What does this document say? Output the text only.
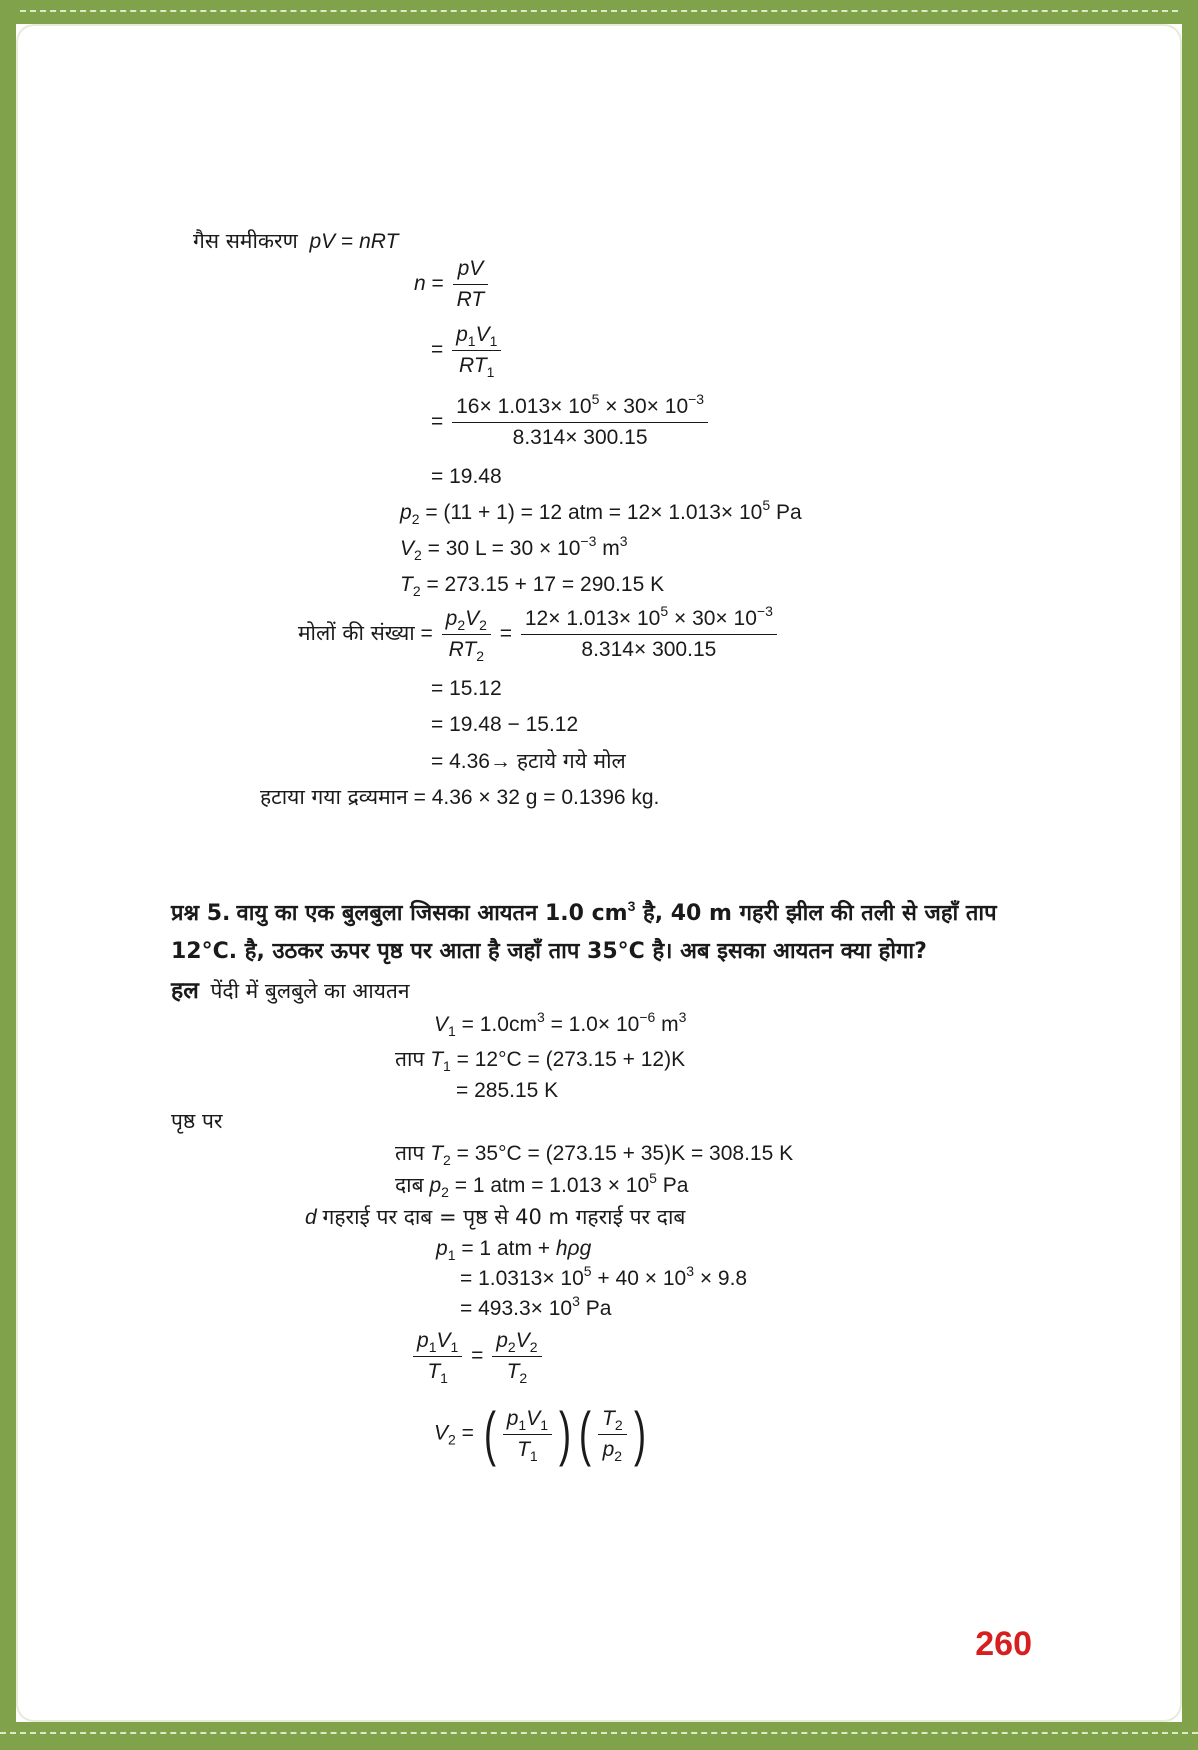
गैस समीकरण pV = nRT
$n = \frac{pV}{RT}$
= $\frac{p_1V_1}{RT_1}$
= $\frac{16\times 1.013\times 10^5 \times 30\times 10^{-3}}{8.314\times 300.15}$
= 19.48
$p_2 = (11 + 1) = 12$ atm = $12\times 1.013\times 10^5$ Pa
$V_2 = 30$ $L = 30 \times 10^{-3}$ $m^3$
$T_2 = 273.15 + 17 = 290.15$ K
मोलों की संख्या = $\frac{p_2V_2}{RT_2} = \frac{12\times 1.013\times 10^5 \times 30\times 10^{-3}}{8.314\times 300.15}$
= 15.12
= 19.48 − 15.12
= 4.36→ हटाये गये मोल
हटाया गया द्रव्यमान = 4.36 × 32 g = 0.1396 kg.
प्रश्न 5. वायु का एक बुलबुला जिसका आयतन 1.0 $cm^3$ है, 40 m गहरी झील की तली से जहाँ ताप
12°C. है, उठकर ऊपर पृष्ठ पर आता है जहाँ ताप 35°C है। अब इसका आयतन क्या होगा?
हल पेंदी में बुलबुले का आयतन
$V_1 = 1.0cm^3 = 1.0\times 10^{-6}$ $m^3$
ताप $T_1 = 12^\circ C = (273.15 + 12)K$
= 285.15 K
पृष्ठ पर
ताप $T_2 = 35^\circ C = (273.15 + 35)K = 308.15$ K
दाब $p_2 = 1$ atm = $1.013 \times 10^5$ Pa
d गहराई पर दाब = पृष्ठ से 40 m गहराई पर दाब
$p_1 = 1$ atm + hρg
= $1.0313\times 10^5 + 40 \times 10^3 \times 9.8$
= $493.3\times 10^3$ Pa
$\frac{p_1V_1}{T_1} = \frac{p_2V_2}{T_2}$
$V_2$ = ( $\frac{p_1V_1}{T_1}$ ) ( $\frac{T_2}{p_2}$ )
260
